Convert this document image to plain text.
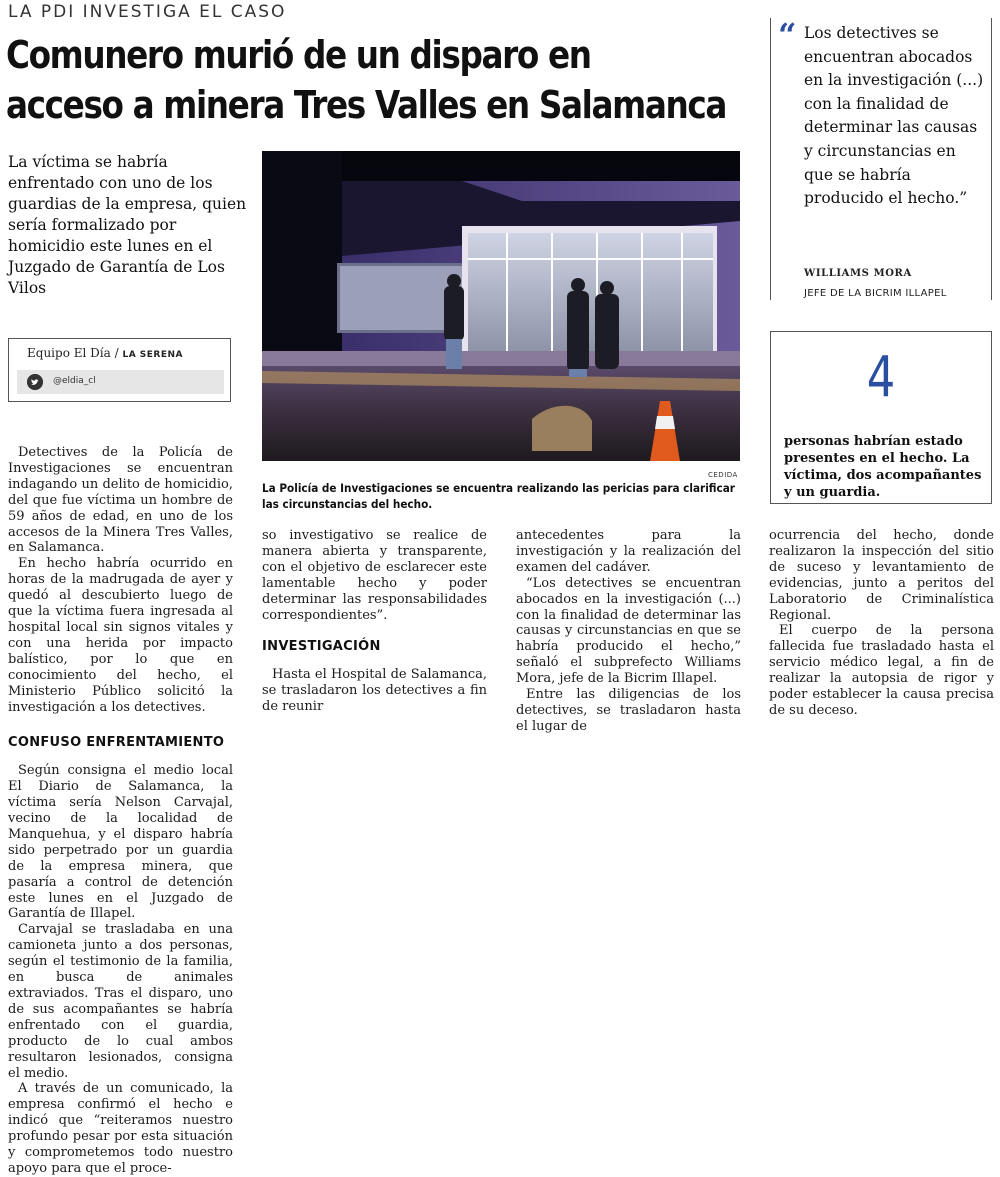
LA PDI INVESTIGA EL CASO
Comunero murió de un disparo en
acceso a minera Tres Valles en Salamanca
La víctima se habría enfrentado con uno de los guardias de la empresa, quien sería formalizado por homicidio este lunes en el Juzgado de Garantía de Los Vilos
Equipo El Día / LA SERENA
@eldia_cl
CEDIDA
La Policía de Investigaciones se encuentra realizando las pericias para clarificar las circunstancias del hecho.
“ Los detectives se encuentran abocados en la investigación (...) con la finalidad de determinar las causas y circunstancias en que se habría producido el hecho.”
WILLIAMS MORA
JEFE DE LA BICRIM ILLAPEL
4
personas habrían estado presentes en el hecho. La víctima, dos acompañantes y un guardia.

Detectives de la Policía de Investigaciones se encuentran indagando un delito de homicidio, del que fue víctima un hombre de 59 años de edad, en uno de los accesos de la Minera Tres Valles, en Salamanca.

En hecho habría ocurrido en horas de la madrugada de ayer y quedó al descubierto luego de que la víctima fuera ingresada al hospital local sin signos vitales y con una herida por impacto balístico, por lo que en conocimiento del hecho, el Ministerio Público solicitó la investigación a los detectives.

CONFUSO ENFRENTAMIENTO

Según consigna el medio local El Diario de Salamanca, la víctima sería Nelson Carvajal, vecino de la localidad de Manquehua, y el disparo habría sido perpetrado por un guardia de la empresa minera, que pasaría a control de detención este lunes en el Juzgado de Garantía de Illapel.

Carvajal se trasladaba en una camioneta junto a dos personas, según el testimonio de la familia, en busca de animales extraviados. Tras el disparo, uno de sus acompañantes se habría enfrentado con el guardia, producto de lo cual ambos resultaron lesionados, consigna el medio.

A través de un comunicado, la empresa confirmó el hecho e indicó que “reiteramos nuestro profundo pesar por esta situación y comprometemos todo nuestro apoyo para que el proce-

so investigativo se realice de manera abierta y transparente, con el objetivo de esclarecer este lamentable hecho y poder determinar las responsabilidades correspondientes”.

INVESTIGACIÓN

Hasta el Hospital de Salamanca, se trasladaron los detectives a fin de reunir

antecedentes para la investigación y la realización del examen del cadáver.

“Los detectives se encuentran abocados en la investigación (...) con la finalidad de determinar las causas y circunstancias en que se habría producido el hecho,” señaló el subprefecto Williams Mora, jefe de la Bicrim Illapel.

Entre las diligencias de los detectives, se trasladaron hasta el lugar de

ocurrencia del hecho, donde realizaron la inspección del sitio de suceso y levantamiento de evidencias, junto a peritos del Laboratorio de Criminalística Regional.

El cuerpo de la persona fallecida fue trasladado hasta el servicio médico legal, a fin de realizar la autopsia de rigor y poder establecer la causa precisa de su deceso.
